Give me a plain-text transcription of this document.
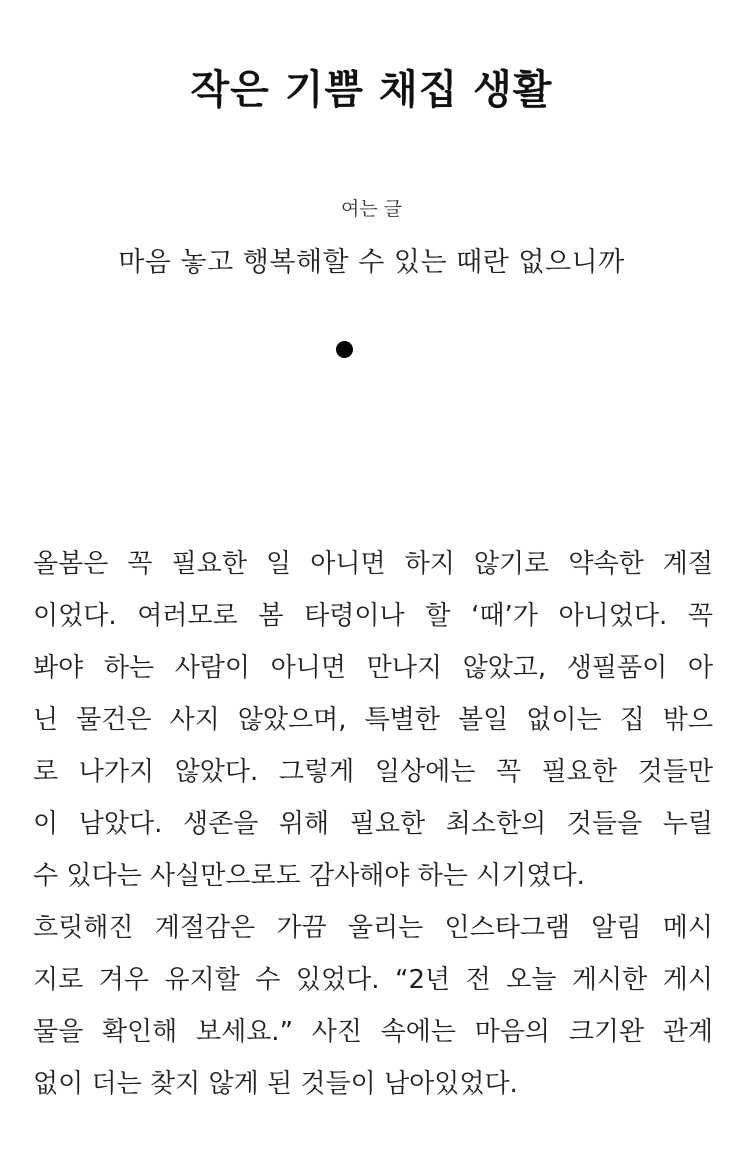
작은 기쁨 채집 생활
여는 글
마음 놓고 행복해할 수 있는 때란 없으니까
올봄은 꼭 필요한 일 아니면 하지 않기로 약속한 계절
이었다. 여러모로 봄 타령이나 할 ‘때’가 아니었다. 꼭
봐야 하는 사람이 아니면 만나지 않았고, 생필품이 아
닌 물건은 사지 않았으며, 특별한 볼일 없이는 집 밖으
로 나가지 않았다. 그렇게 일상에는 꼭 필요한 것들만
이 남았다. 생존을 위해 필요한 최소한의 것들을 누릴
수 있다는 사실만으로도 감사해야 하는 시기였다.
흐릿해진 계절감은 가끔 울리는 인스타그램 알림 메시
지로 겨우 유지할 수 있었다. “2년 전 오늘 게시한 게시
물을 확인해 보세요.” 사진 속에는 마음의 크기완 관계
없이 더는 찾지 않게 된 것들이 남아있었다.
